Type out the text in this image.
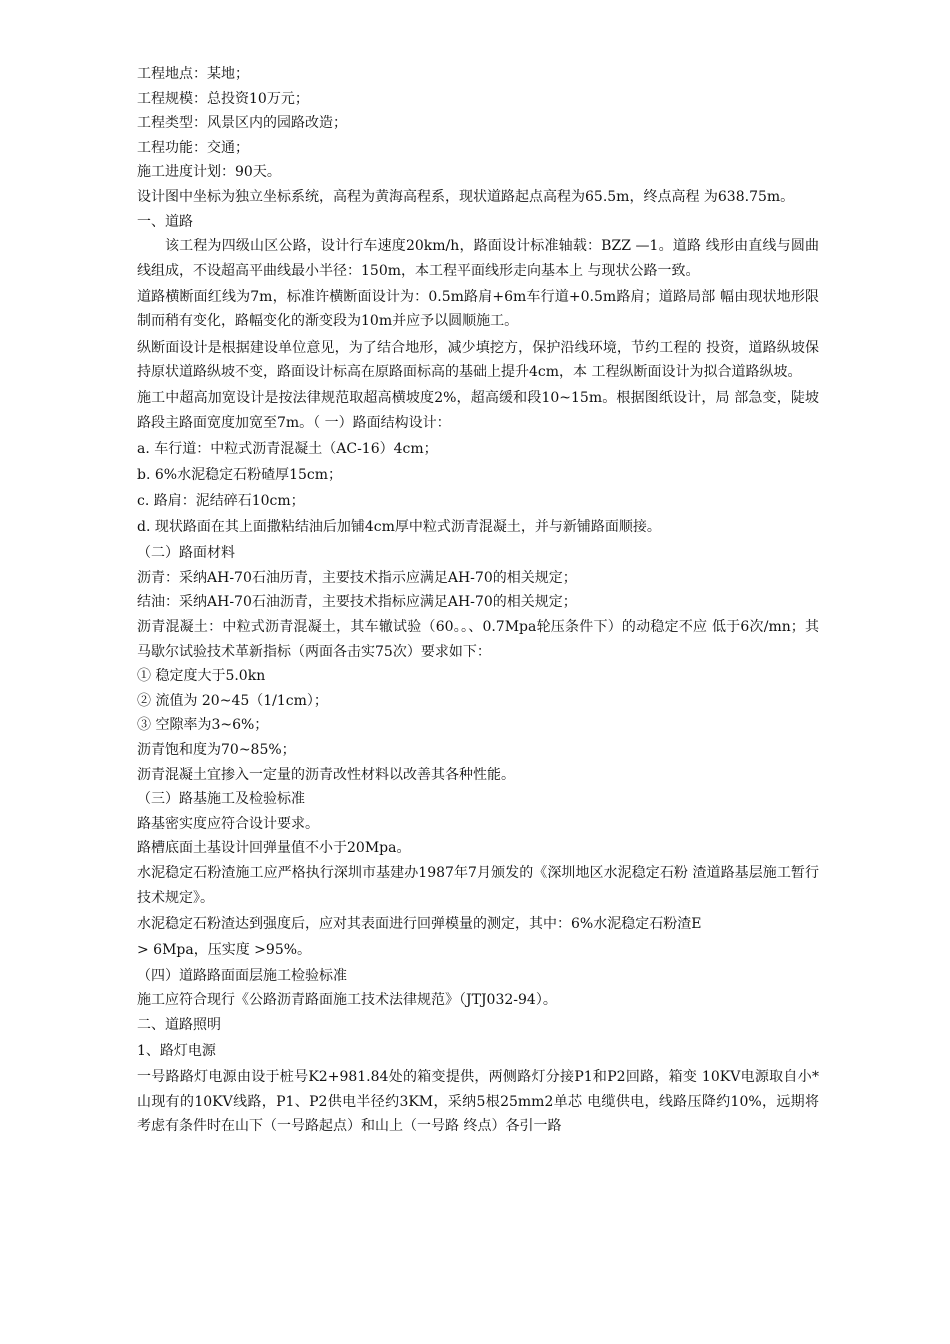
工程地点：某地；
工程规模：总投资10万元；
工程类型：风景区内的园路改造；
工程功能：交通；
施工进度计划：90天。

设计图中坐标为独立坐标系统，高程为黄海高程系，现状道路起点高程为65.5m，终点高程 为638.75m。

一、道路

该工程为四级山区公路，设计行车速度20km/h，路面设计标准轴载：BZZ —1。道路 线形由直线与圆曲线组成，不设超高平曲线最小半径：150m，本工程平面线形走向基本上 与现状公路一致。

道路横断面红线为7m，标准许横断面设计为：0.5m路肩+6m车行道+0.5m路肩；道路局部 幅由现状地形限制而稍有变化，路幅变化的渐变段为10m并应予以圆顺施工。

纵断面设计是根据建设单位意见，为了结合地形，减少填挖方，保护沿线环境，节约工程的 投资，道路纵坡保持原状道路纵坡不变，路面设计标高在原路面标高的基础上提升4cm，本 工程纵断面设计为拟合道路纵坡。

施工中超高加宽设计是按法律规范取超高横坡度2%，超高缓和段10~15m。根据图纸设计，局 部急变，陡坡路段主路面宽度加宽至7m。（ 一）路面结构设计：

a. 车行道：中粒式沥青混凝土（AC-16）4cm；
b. 6%水泥稳定石粉碴厚15cm；
c. 路肩：泥结碎石10cm；
d. 现状路面在其上面撒粘结油后加铺4cm厚中粒式沥青混凝土，并与新铺路面顺接。
（二）路面材料
沥青：采纳AH-70石油历青，主要技术指示应满足AH-70的相关规定；
结油：采纳AH-70石油沥青，主要技术指标应满足AH-70的相关规定；

沥青混凝土：中粒式沥青混凝土，其车辙试验（60。。、0.7Mpa轮压条件下）的动稳定不应 低于6次/mn；其马歇尔试验技术革新指标（两面各击实75次）要求如下：

① 稳定度大于5.0kn
② 流值为 20~45（1/1cm）；
③ 空隙率为3~6%；
沥青饱和度为70~85%；
沥青混凝土宜掺入一定量的沥青改性材料以改善其各种性能。
（三）路基施工及检验标准
路基密实度应符合设计要求。
路槽底面土基设计回弹量值不小于20Mpa。

水泥稳定石粉渣施工应严格执行深圳市基建办1987年7月颁发的《深圳地区水泥稳定石粉 渣道路基层施工暂行技术规定》。

水泥稳定石粉渣达到强度后，应对其表面进行回弹模量的测定，其中：6%水泥稳定石粉渣E
> 6Mpa，压实度 >95%。
（四）道路路面面层施工检验标准
施工应符合现行《公路沥青路面施工技术法律规范》（JTJ032-94）。
二、道路照明
1、路灯电源

一号路路灯电源由设于桩号K2+981.84处的箱变提供，两侧路灯分接P1和P2回路，箱变 10KV电源取自小*山现有的10KV线路，P1、P2供电半径约3KM，采纳5根25mm2单芯 电缆供电，线路压降约10%，远期将考虑有条件时在山下（一号路起点）和山上（一号路 终点）各引一路
